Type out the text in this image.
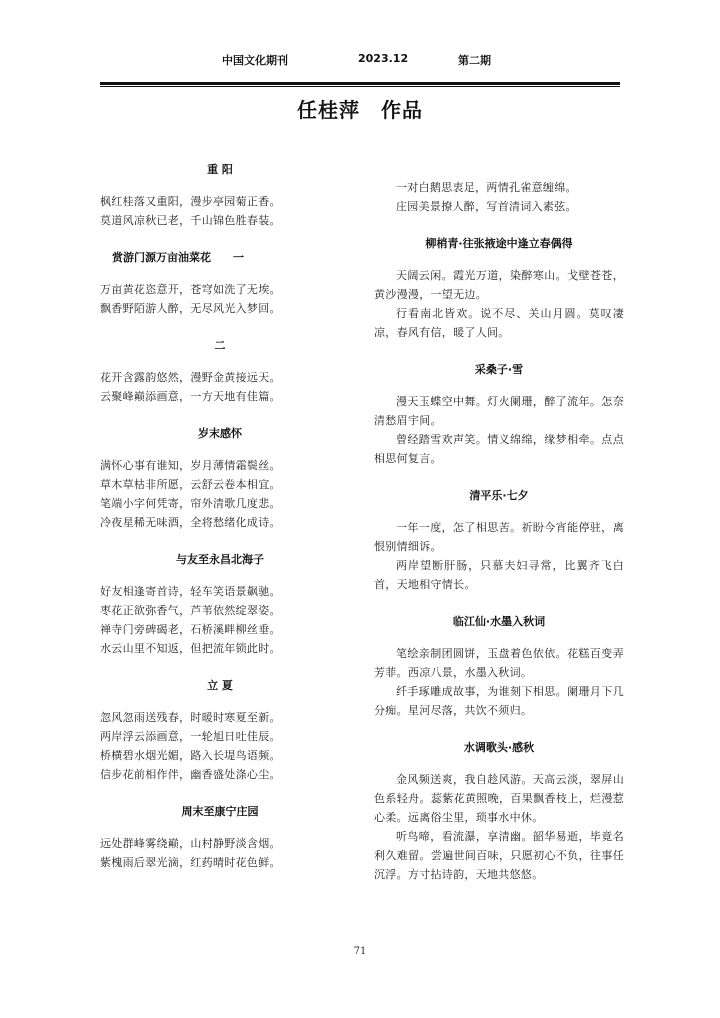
中国文化期刊	2023.12	第二期
任桂萍　作品
重 阳
枫红桂落又重阳，漫步亭园菊正香。
莫道风凉秋已老，千山锦色胜春装。
赏游门源万亩油菜花　　一
万亩黄花恣意开，苍穹如洗了无埃。
飘香野陌游人醉，无尽风光入梦回。
二
花开含露韵悠然，漫野金黄接远天。
云聚峰巅添画意，一方天地有佳篇。
岁末感怀
满怀心事有谁知，岁月薄情霜鬓丝。
草木草枯非所愿，云舒云卷本相宜。
笔端小字何凭寄，帘外清歌几度悲。
冷夜星稀无味酒，全将愁绪化成诗。
与友至永昌北海子
好友相逢寄首诗，轻车笑语景飙驰。
枣花正欲弥香气，芦苇依然绽翠姿。
禅寺门旁碑碣老，石桥溪畔柳丝垂。
水云山里不知返，但把流年锁此时。
立 夏
忽风忽雨送残春，时暖时寒夏至新。
两岸浮云添画意，一轮旭日吐佳辰。
桥横碧水烟光媚，路入长堤鸟语频。
信步花前相作伴，幽香盛处涤心尘。
周末至康宁庄园
远处群峰雾绕巅，山村静野淡含烟。
紫槐雨后翠光滴，红药晴时花色鲜。
一对白鹅思衷足，两情孔雀意缠绵。
庄园美景撩人醉，写首清词入素弦。
柳梢青·往张掖途中逢立春偶得
天阔云闲。霞光万道，染醉寒山。戈壁苍苍，黄沙漫漫，一望无边。
行看南北皆欢。说不尽、关山月圆。莫叹凄凉，春风有信，暖了人间。
采桑子·雪
漫天玉蝶空中舞。灯火阑珊，醉了流年。怎奈清愁眉宇间。
曾经踏雪欢声笑。情义绵绵，缘梦相牵。点点相思何复言。
清平乐·七夕
一年一度，怎了相思苦。祈盼今宵能停驻，离恨别情细诉。
两岸望断肝肠，只慕夫妇寻常，比翼齐飞白首，天地相守情长。
临江仙·水墨入秋词
笔绘亲制团圆饼，玉盘着色依依。花糕百变弄芳菲。西凉八景，水墨入秋词。
纤手琢雕成故事，为谁刻下相思。阑珊月下几分痴。星河尽落，共饮不须归。
水调歌头·感秋
金风频送爽，我自趁风游。天高云淡，翠屏山色系轻舟。蕊紫花黄照晚，百果飘香枝上，烂漫惹心柔。远离俗尘里，琐事水中休。
听鸟啼，看流瀑，享清幽。韶华易逝，毕竟名利久难留。尝遍世间百味，只愿初心不负，往事任沉浮。方寸拈诗韵，天地共悠悠。
71
